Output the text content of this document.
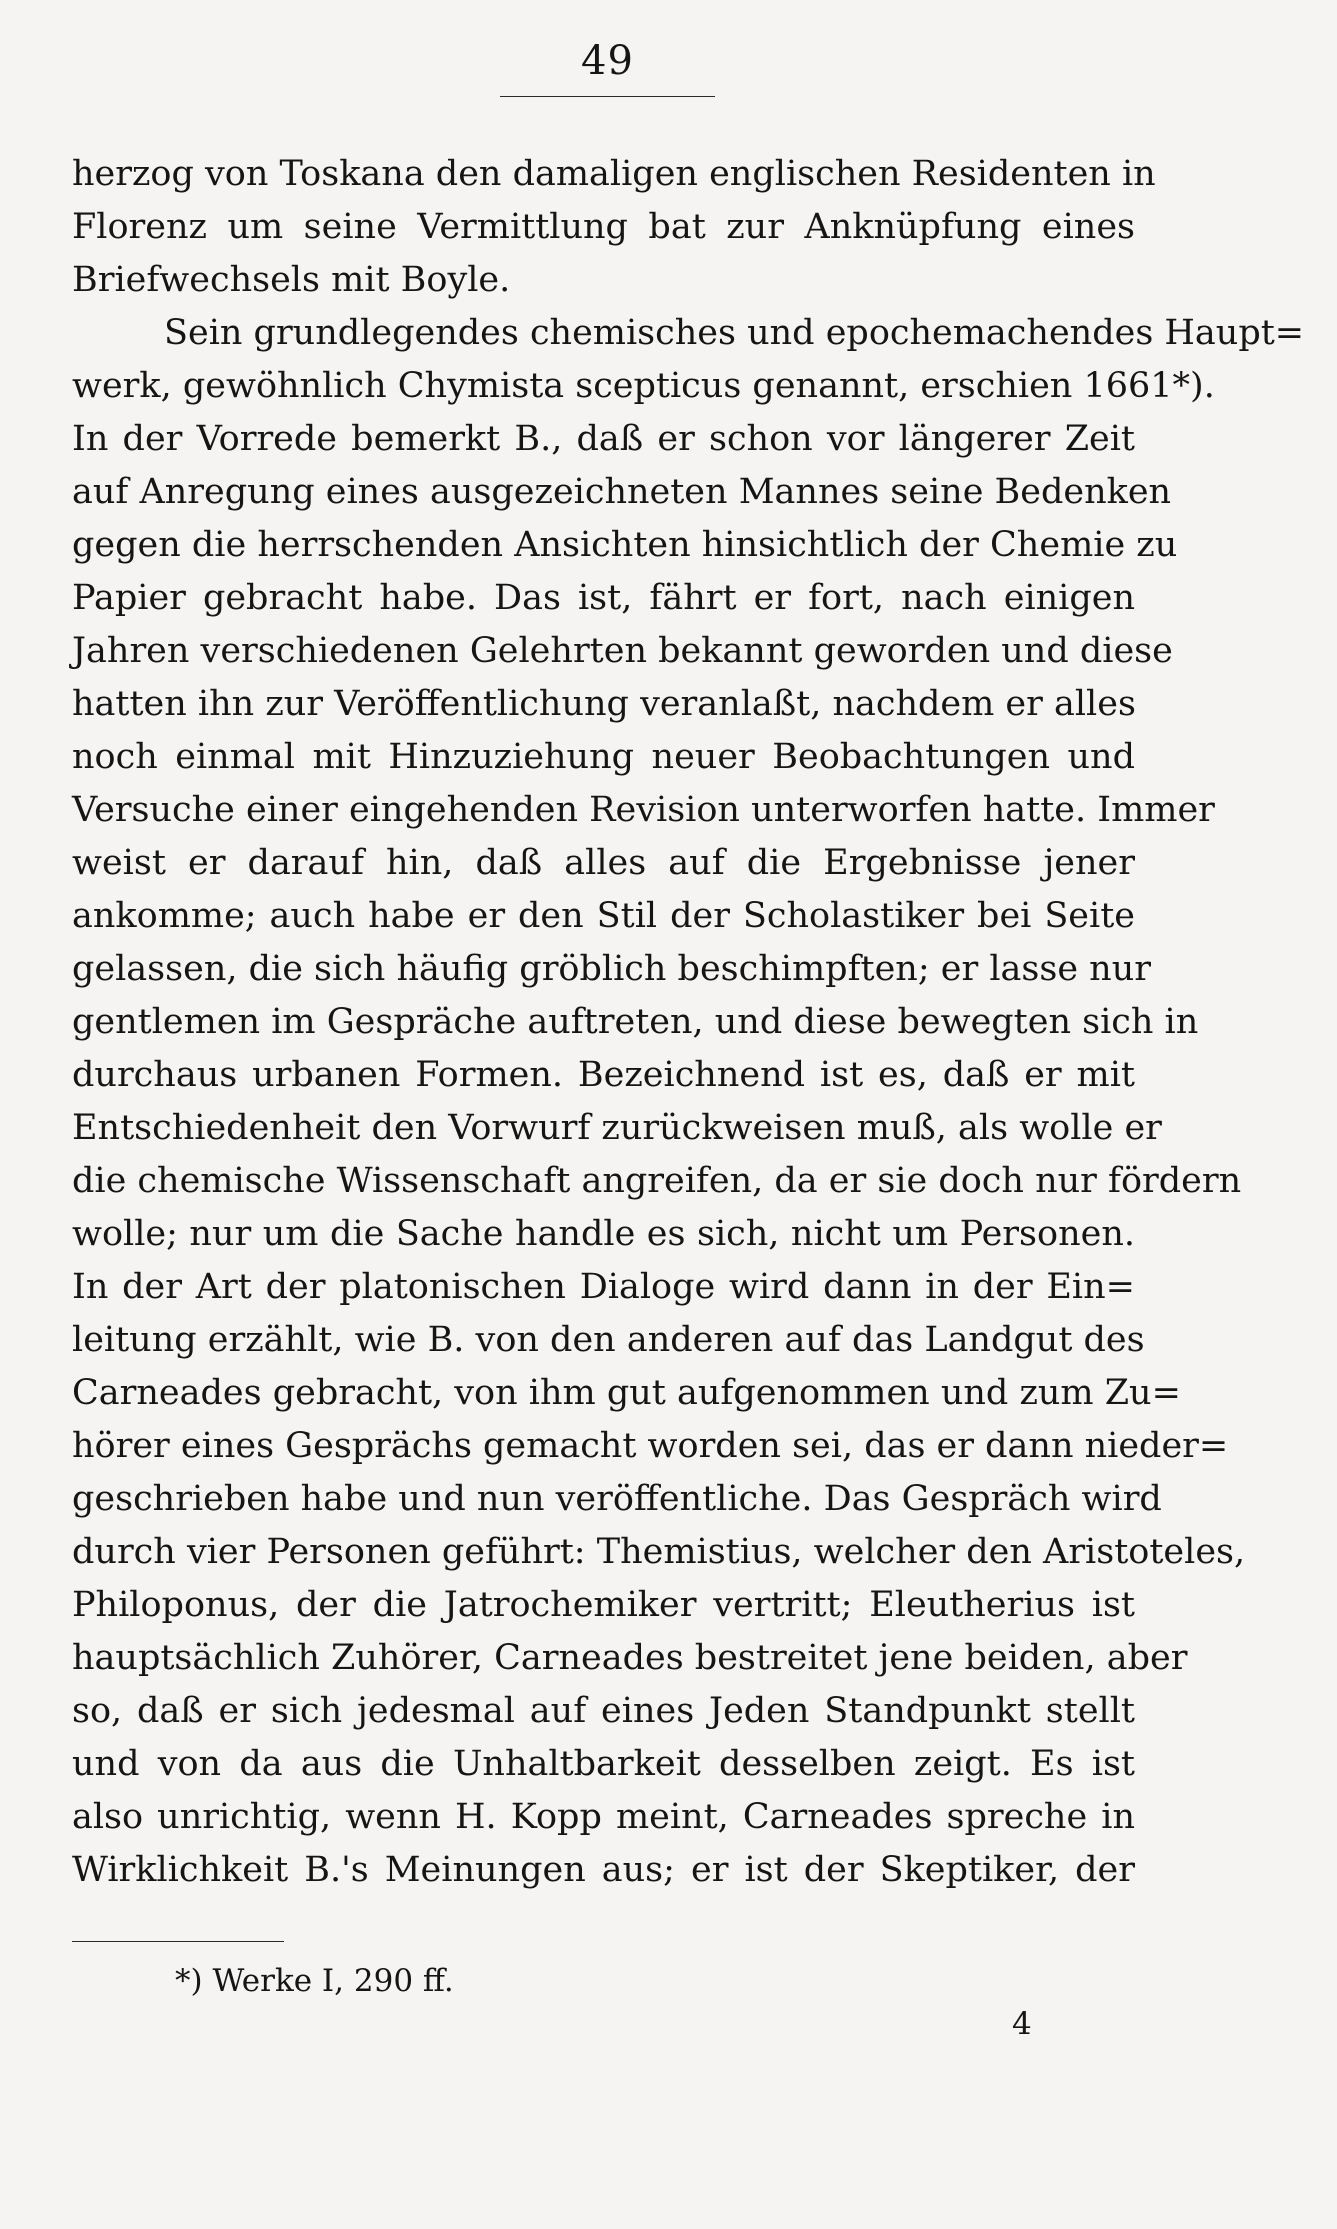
49
herzog von Toskana den damaligen englischen Residenten in
Florenz um seine Vermittlung bat zur Anknüpfung eines
Briefwechsels mit Boyle.
Sein grundlegendes chemisches und epochemachendes Haupt=
werk, gewöhnlich Chymista scepticus genannt, erschien 1661*).
In der Vorrede bemerkt B., daß er schon vor längerer Zeit
auf Anregung eines ausgezeichneten Mannes seine Bedenken
gegen die herrschenden Ansichten hinsichtlich der Chemie zu
Papier gebracht habe. Das ist, fährt er fort, nach einigen
Jahren verschiedenen Gelehrten bekannt geworden und diese
hatten ihn zur Veröffentlichung veranlaßt, nachdem er alles
noch einmal mit Hinzuziehung neuer Beobachtungen und
Versuche einer eingehenden Revision unterworfen hatte. Immer
weist er darauf hin, daß alles auf die Ergebnisse jener
ankomme; auch habe er den Stil der Scholastiker bei Seite
gelassen, die sich häufig gröblich beschimpften; er lasse nur
gentlemen im Gespräche auftreten, und diese bewegten sich in
durchaus urbanen Formen. Bezeichnend ist es, daß er mit
Entschiedenheit den Vorwurf zurückweisen muß, als wolle er
die chemische Wissenschaft angreifen, da er sie doch nur fördern
wolle; nur um die Sache handle es sich, nicht um Personen.
In der Art der platonischen Dialoge wird dann in der Ein=
leitung erzählt, wie B. von den anderen auf das Landgut des
Carneades gebracht, von ihm gut aufgenommen und zum Zu=
hörer eines Gesprächs gemacht worden sei, das er dann nieder=
geschrieben habe und nun veröffentliche. Das Gespräch wird
durch vier Personen geführt: Themistius, welcher den Aristoteles,
Philoponus, der die Jatrochemiker vertritt; Eleutherius ist
hauptsächlich Zuhörer, Carneades bestreitet jene beiden, aber
so, daß er sich jedesmal auf eines Jeden Standpunkt stellt
und von da aus die Unhaltbarkeit desselben zeigt. Es ist
also unrichtig, wenn H. Kopp meint, Carneades spreche in
Wirklichkeit B.'s Meinungen aus; er ist der Skeptiker, der
*) Werke I, 290 ff.
4
